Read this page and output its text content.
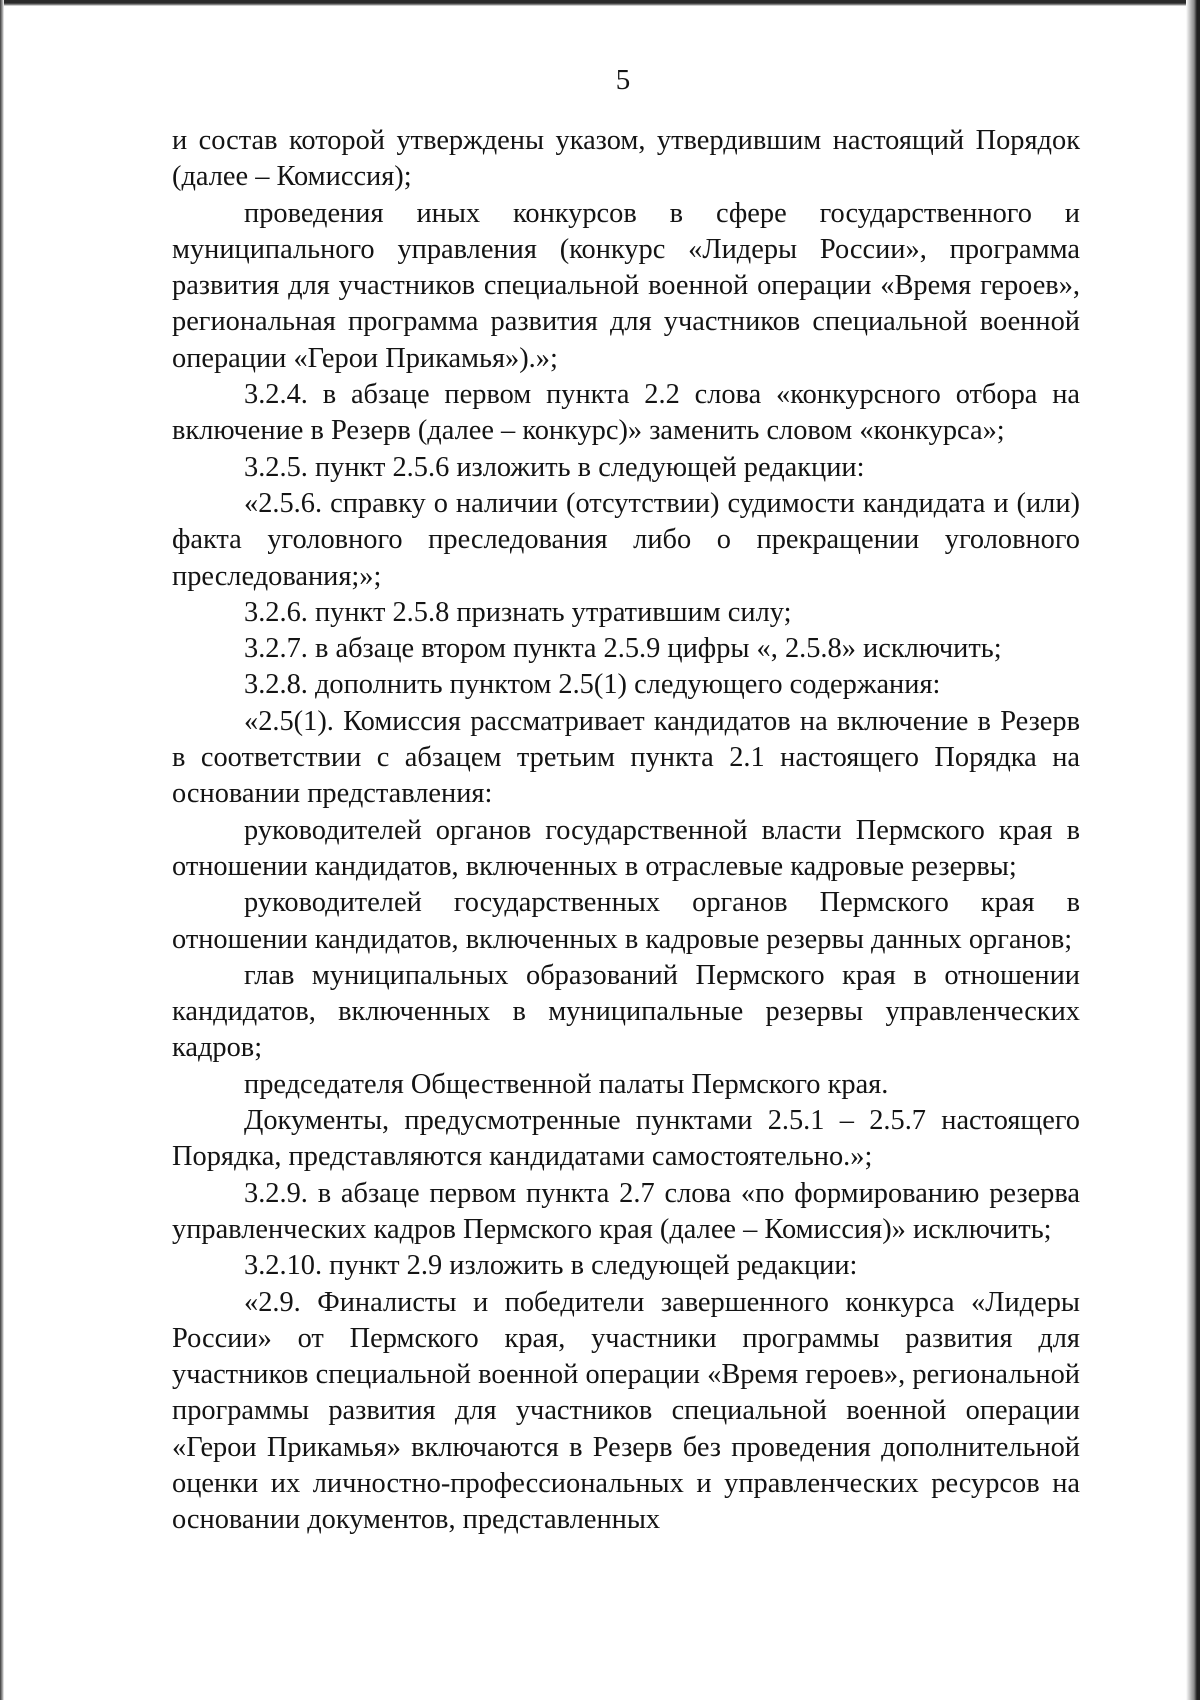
5

и состав которой утверждены указом, утвердившим настоящий Порядок (далее – Комиссия);

проведения иных конкурсов в сфере государственного и муниципального управления (конкурс «Лидеры России», программа развития для участников специальной военной операции «Время героев», региональная программа развития для участников специальной военной операции «Герои Прикамья»).»;

3.2.4. в абзаце первом пункта 2.2 слова «конкурсного отбора на включение в Резерв (далее – конкурс)» заменить словом «конкурса»;

3.2.5. пункт 2.5.6 изложить в следующей редакции:

«2.5.6. справку о наличии (отсутствии) судимости кандидата и (или) факта уголовного преследования либо о прекращении уголовного преследования;»;

3.2.6. пункт 2.5.8 признать утратившим силу;

3.2.7. в абзаце втором пункта 2.5.9 цифры «, 2.5.8» исключить;

3.2.8. дополнить пунктом 2.5(1) следующего содержания:

«2.5(1). Комиссия рассматривает кандидатов на включение в Резерв в соответствии с абзацем третьим пункта 2.1 настоящего Порядка на основании представления:

руководителей органов государственной власти Пермского края в отношении кандидатов, включенных в отраслевые кадровые резервы;

руководителей государственных органов Пермского края в отношении кандидатов, включенных в кадровые резервы данных органов;

глав муниципальных образований Пермского края в отношении кандидатов, включенных в муниципальные резервы управленческих кадров;

председателя Общественной палаты Пермского края.

Документы, предусмотренные пунктами 2.5.1 – 2.5.7 настоящего Порядка, представляются кандидатами самостоятельно.»;

3.2.9. в абзаце первом пункта 2.7 слова «по формированию резерва управленческих кадров Пермского края (далее – Комиссия)» исключить;

3.2.10. пункт 2.9 изложить в следующей редакции:

«2.9. Финалисты и победители завершенного конкурса «Лидеры России» от Пермского края, участники программы развития для участников специальной военной операции «Время героев», региональной программы развития для участников специальной военной операции «Герои Прикамья» включаются в Резерв без проведения дополнительной оценки их личностно-профессиональных и управленческих ресурсов на основании документов, представленных
